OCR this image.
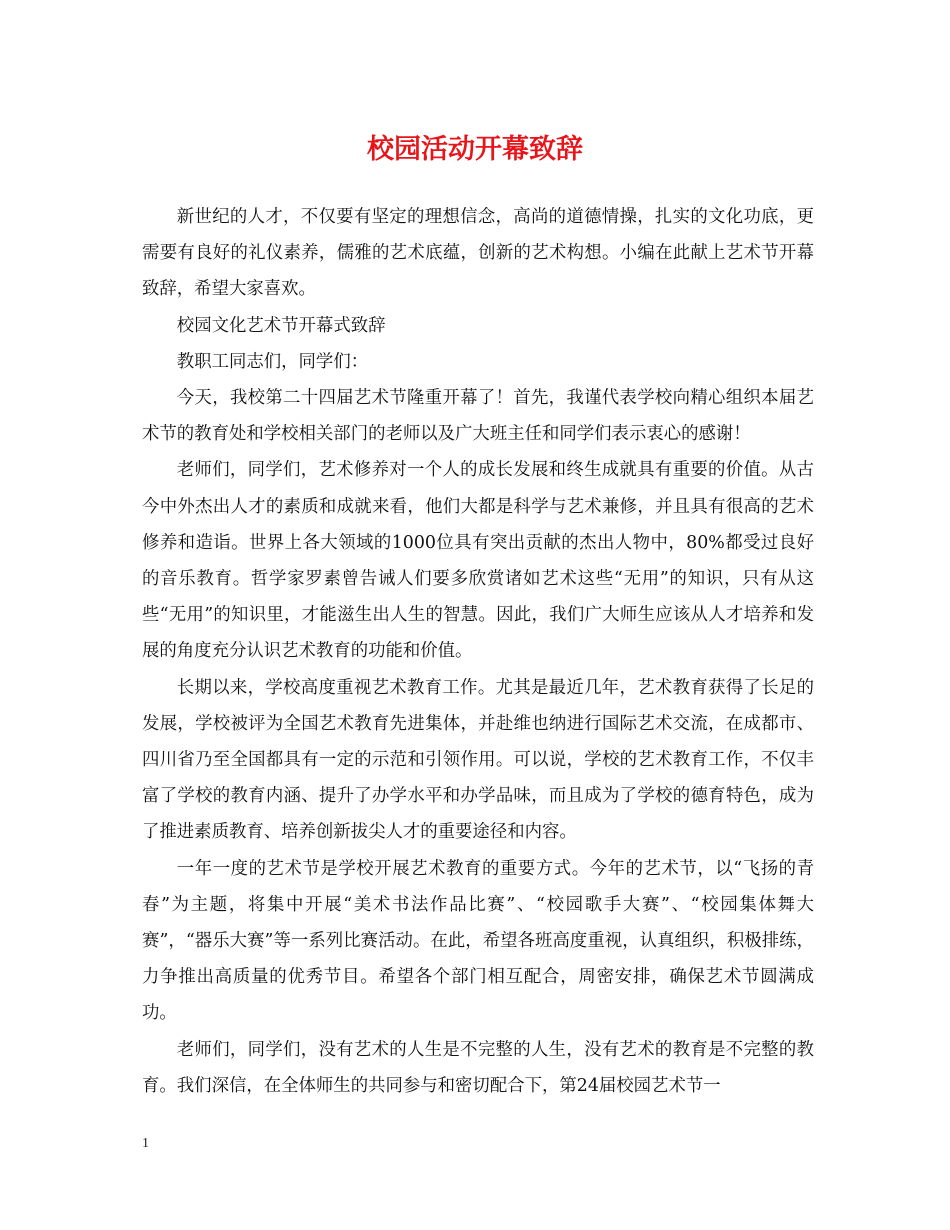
校园活动开幕致辞

新世纪的人才，不仅要有坚定的理想信念，高尚的道德情操，扎实的文化功底，更需要有良好的礼仪素养，儒雅的艺术底蕴，创新的艺术构想。小编在此献上艺术节开幕致辞，希望大家喜欢。

校园文化艺术节开幕式致辞

教职工同志们，同学们：

今天，我校第二十四届艺术节隆重开幕了！首先，我谨代表学校向精心组织本届艺术节的教育处和学校相关部门的老师以及广大班主任和同学们表示衷心的感谢！

老师们，同学们，艺术修养对一个人的成长发展和终生成就具有重要的价值。从古今中外杰出人才的素质和成就来看，他们大都是科学与艺术兼修，并且具有很高的艺术修养和造诣。世界上各大领域的1000位具有突出贡献的杰出人物中，80%都受过良好的音乐教育。哲学家罗素曾告诫人们要多欣赏诸如艺术这些“无用”的知识，只有从这些“无用”的知识里，才能滋生出人生的智慧。因此，我们广大师生应该从人才培养和发展的角度充分认识艺术教育的功能和价值。

长期以来，学校高度重视艺术教育工作。尤其是最近几年，艺术教育获得了长足的发展，学校被评为全国艺术教育先进集体，并赴维也纳进行国际艺术交流，在成都市、四川省乃至全国都具有一定的示范和引领作用。可以说，学校的艺术教育工作，不仅丰富了学校的教育内涵、提升了办学水平和办学品味，而且成为了学校的德育特色，成为了推进素质教育、培养创新拔尖人才的重要途径和内容。

一年一度的艺术节是学校开展艺术教育的重要方式。今年的艺术节，以“飞扬的青春”为主题，将集中开展“美术书法作品比赛”、“校园歌手大赛”、“校园集体舞大赛”，“器乐大赛”等一系列比赛活动。在此，希望各班高度重视，认真组织，积极排练，力争推出高质量的优秀节目。希望各个部门相互配合，周密安排，确保艺术节圆满成功。

老师们，同学们，没有艺术的人生是不完整的人生，没有艺术的教育是不完整的教育。我们深信，在全体师生的共同参与和密切配合下，第24届校园艺术节一

1
